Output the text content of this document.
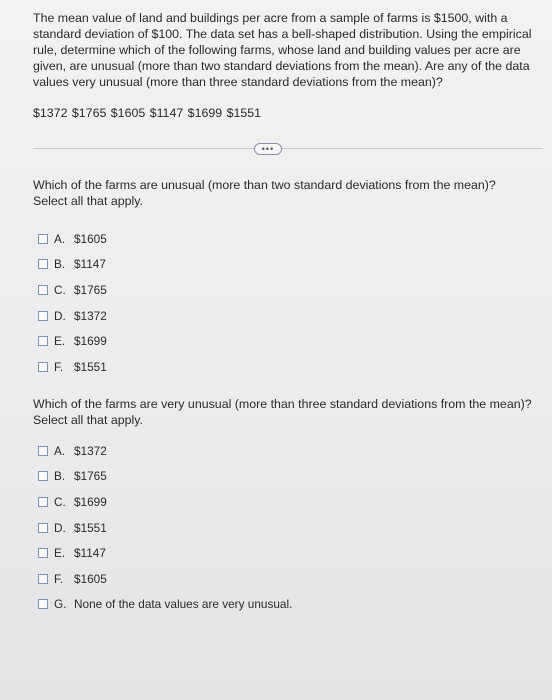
The mean value of land and buildings per acre from a sample of farms is $1500, with a standard deviation of $100. The data set has a bell-shaped distribution. Using the empirical rule, determine which of the following farms, whose land and building values per acre are given, are unusual (more than two standard deviations from the mean). Are any of the data values very unusual (more than three standard deviations from the mean)?
$1372 $1765 $1605 $1147 $1699 $1551
•••
Which of the farms are unusual (more than two standard deviations from the mean)? Select all that apply.
A. $1605
B. $1147
C. $1765
D. $1372
E. $1699
F. $1551
Which of the farms are very unusual (more than three standard deviations from the mean)? Select all that apply.
A. $1372
B. $1765
C. $1699
D. $1551
E. $1147
F. $1605
G. None of the data values are very unusual.
